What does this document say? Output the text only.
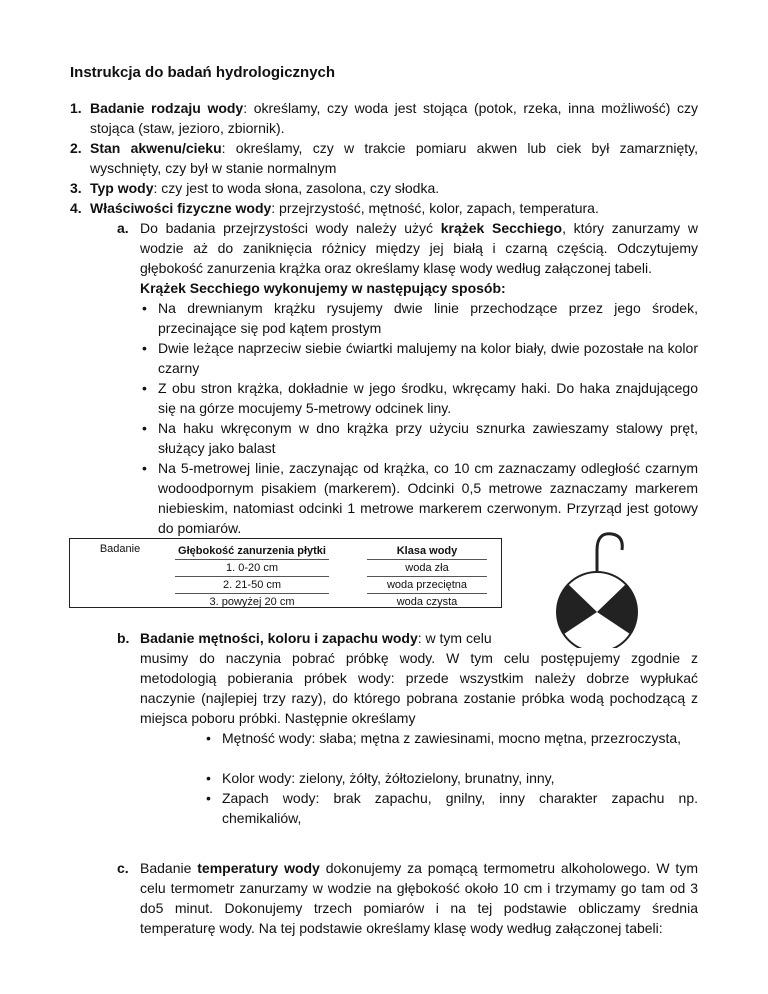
Instrukcja do badań hydrologicznych
1. Badanie rodzaju wody: określamy, czy woda jest stojąca (potok, rzeka, inna możliwość) czy stojąca (staw, jezioro, zbiornik).
2. Stan akwenu/cieku: określamy, czy w trakcie pomiaru akwen lub ciek był zamarznięty, wyschnięty, czy był w stanie normalnym
3. Typ wody: czy jest to woda słona, zasolona, czy słodka.
4. Właściwości fizyczne wody: przejrzystość, mętność, kolor, zapach, temperatura.
a. Do badania przejrzystości wody należy użyć krążek Secchiego, który zanurzamy w wodzie aż do zaniknięcia różnicy między jej białą i czarną częścią. Odczytujemy głębokość zanurzenia krążka oraz określamy klasę wody według załączonej tabeli.
Krążek Secchiego wykonujemy w następujący sposób:
• Na drewnianym krążku rysujemy dwie linie przechodzące przez jego środek, przecinające się pod kątem prostym
• Dwie leżące naprzeciw siebie ćwiartki malujemy na kolor biały, dwie pozostałe na kolor czarny
• Z obu stron krążka, dokładnie w jego środku, wkręcamy haki. Do haka znajdującego się na górze mocujemy 5-metrowy odcinek liny.
• Na haku wkręconym w dno krążka przy użyciu sznurka zawieszamy stalowy pręt, służący jako balast
• Na 5-metrowej linie, zaczynając od krążka, co 10 cm zaznaczamy odległość czarnym wodoodpornym pisakiem (markerem). Odcinki 0,5 metrowe zaznaczamy markerem niebieskim, natomiast odcinki 1 metrowe markerem czerwonym. Przyrząd jest gotowy do pomiarów.
Badanie	Głębokość zanurzenia płytki
1. 0-20 cm
2. 21-50 cm
3. powyżej 20 cm
Klasa wody
woda zła
woda przeciętna
woda czysta
b. Badanie mętności, koloru i zapachu wody: w tym celu
musimy do naczynia pobrać próbkę wody. W tym celu postępujemy zgodnie z metodologią pobierania próbek wody: przede wszystkim należy dobrze wypłukać naczynie (najlepiej trzy razy), do którego pobrana zostanie próbka wodą pochodzącą z miejsca poboru próbki. Następnie określamy
• Mętność wody: słaba; mętna z zawiesinami, mocno mętna, przezroczysta,
• Kolor wody: zielony, żółty, żółtozielony, brunatny, inny,
• Zapach wody: brak zapachu, gnilny, inny charakter zapachu np. chemikaliów,
c. Badanie temperatury wody dokonujemy za pomącą termometru alkoholowego. W tym celu termometr zanurzamy w wodzie na głębokość około 10 cm i trzymamy go tam od 3 do5 minut. Dokonujemy trzech pomiarów i na tej podstawie obliczamy średnia temperaturę wody. Na tej podstawie określamy klasę wody według załączonej tabeli:
